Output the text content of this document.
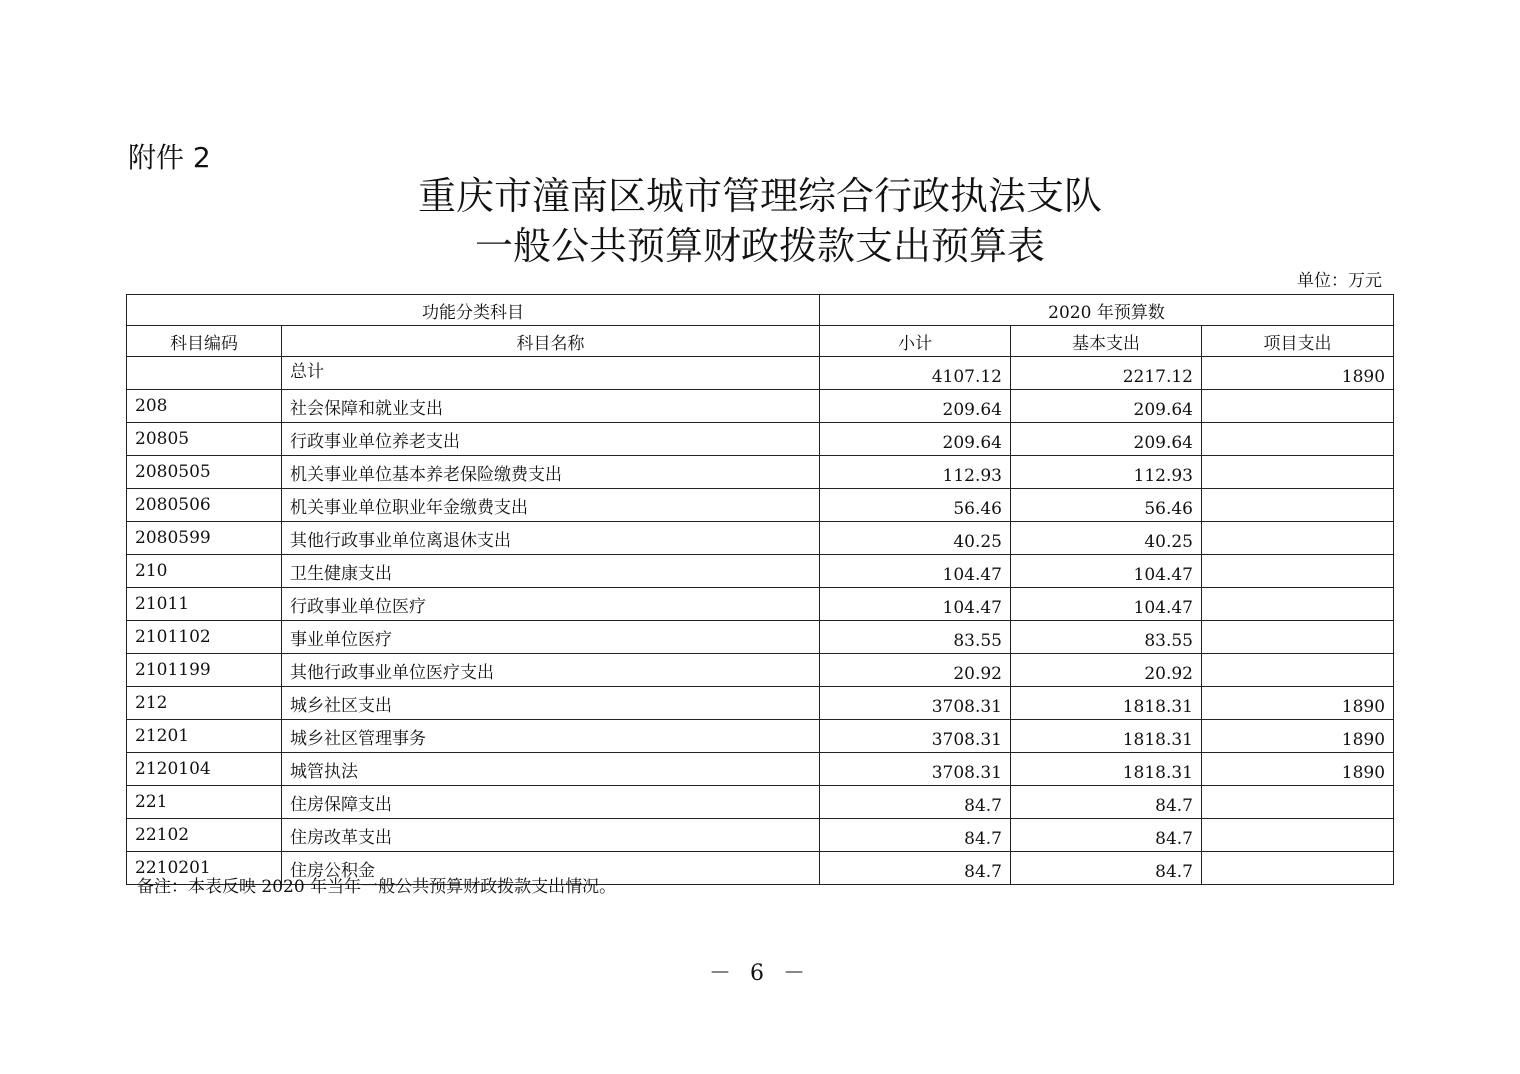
附件 2
重庆市潼南区城市管理综合行政执法支队
一般公共预算财政拨款支出预算表
单位：万元
功能分类科目		2020 年预算数		
科目编码	科目名称	小计	基本支出	项目支出
	总计	4107.12	2217.12	1890
208	社会保障和就业支出	209.64	209.64	
20805	行政事业单位养老支出	209.64	209.64	
2080505	机关事业单位基本养老保险缴费支出	112.93	112.93	
2080506	机关事业单位职业年金缴费支出	56.46	56.46	
2080599	其他行政事业单位离退休支出	40.25	40.25	
210	卫生健康支出	104.47	104.47	
21011	行政事业单位医疗	104.47	104.47	
2101102	事业单位医疗	83.55	83.55	
2101199	其他行政事业单位医疗支出	20.92	20.92	
212	城乡社区支出	3708.31	1818.31	1890
21201	城乡社区管理事务	3708.31	1818.31	1890
2120104	城管执法	3708.31	1818.31	1890
221	住房保障支出	84.7	84.7	
22102	住房改革支出	84.7	84.7	
2210201	住房公积金	84.7	84.7	
备注：本表反映 2020 年当年一般公共预算财政拨款支出情况。
－ 6 －
